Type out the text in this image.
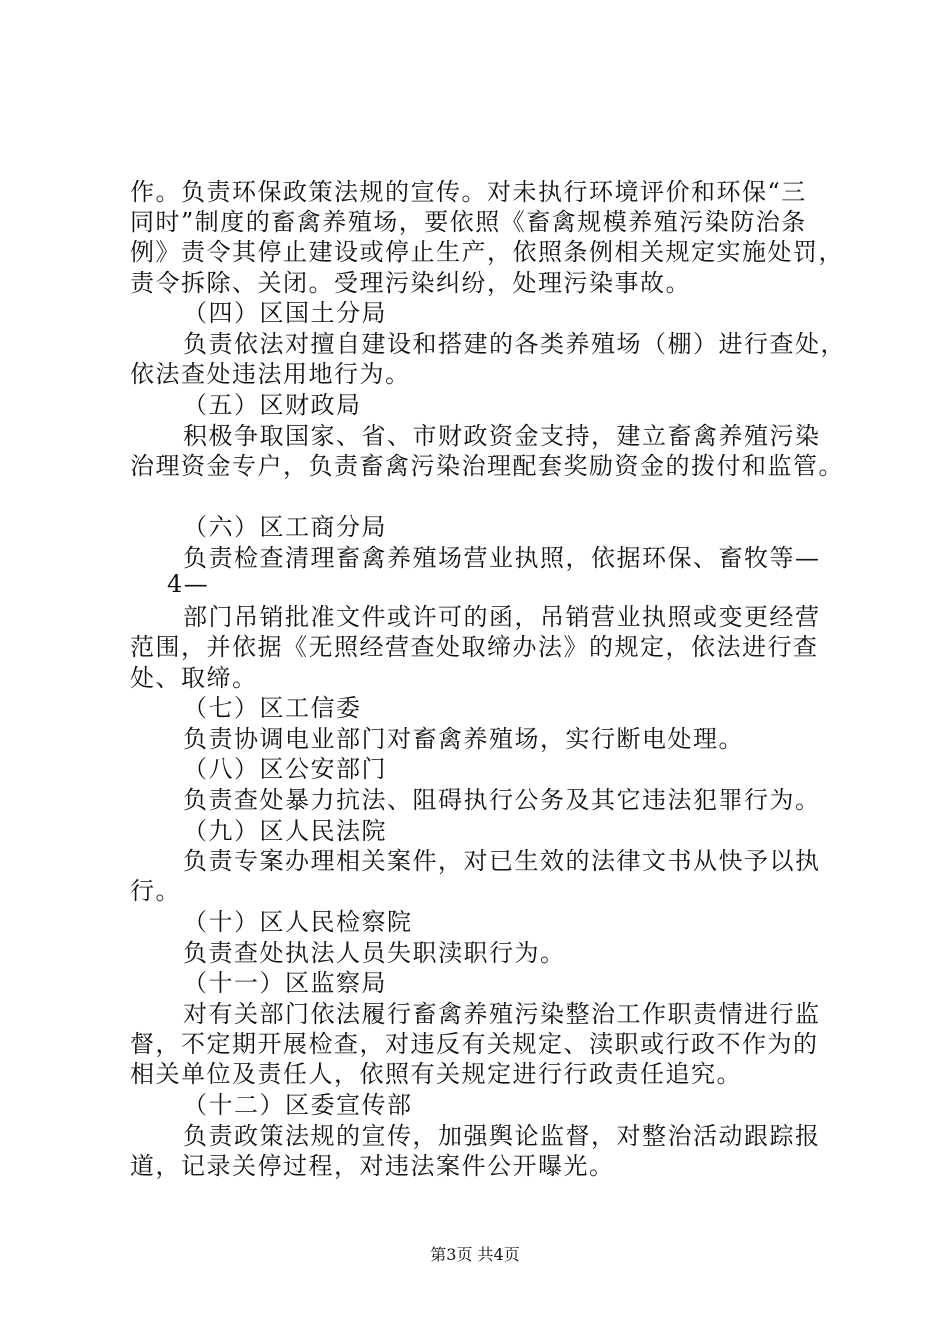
作。负责环保政策法规的宣传。对未执行环境评价和环保“三
同时”制度的畜禽养殖场，要依照《畜禽规模养殖污染防治条
例》责令其停止建设或停止生产，依照条例相关规定实施处罚，
责令拆除、关闭。受理污染纠纷，处理污染事故。
（四）区国土分局
负责依法对擅自建设和搭建的各类养殖场（棚）进行查处，
依法查处违法用地行为。
（五）区财政局
积极争取国家、省、市财政资金支持，建立畜禽养殖污染
治理资金专户，负责畜禽污染治理配套奖励资金的拨付和监管。
（六）区工商分局
负责检查清理畜禽养殖场营业执照，依据环保、畜牧等—
4—
部门吊销批准文件或许可的函，吊销营业执照或变更经营
范围，并依据《无照经营查处取缔办法》的规定，依法进行查
处、取缔。
（七）区工信委
负责协调电业部门对畜禽养殖场，实行断电处理。
（八）区公安部门
负责查处暴力抗法、阻碍执行公务及其它违法犯罪行为。
（九）区人民法院
负责专案办理相关案件，对已生效的法律文书从快予以执
行。
（十）区人民检察院
负责查处执法人员失职渎职行为。
（十一）区监察局
对有关部门依法履行畜禽养殖污染整治工作职责情进行监
督，不定期开展检查，对违反有关规定、渎职或行政不作为的
相关单位及责任人，依照有关规定进行行政责任追究。
（十二）区委宣传部
负责政策法规的宣传，加强舆论监督，对整治活动跟踪报
道，记录关停过程，对违法案件公开曝光。
第3页 共4页
